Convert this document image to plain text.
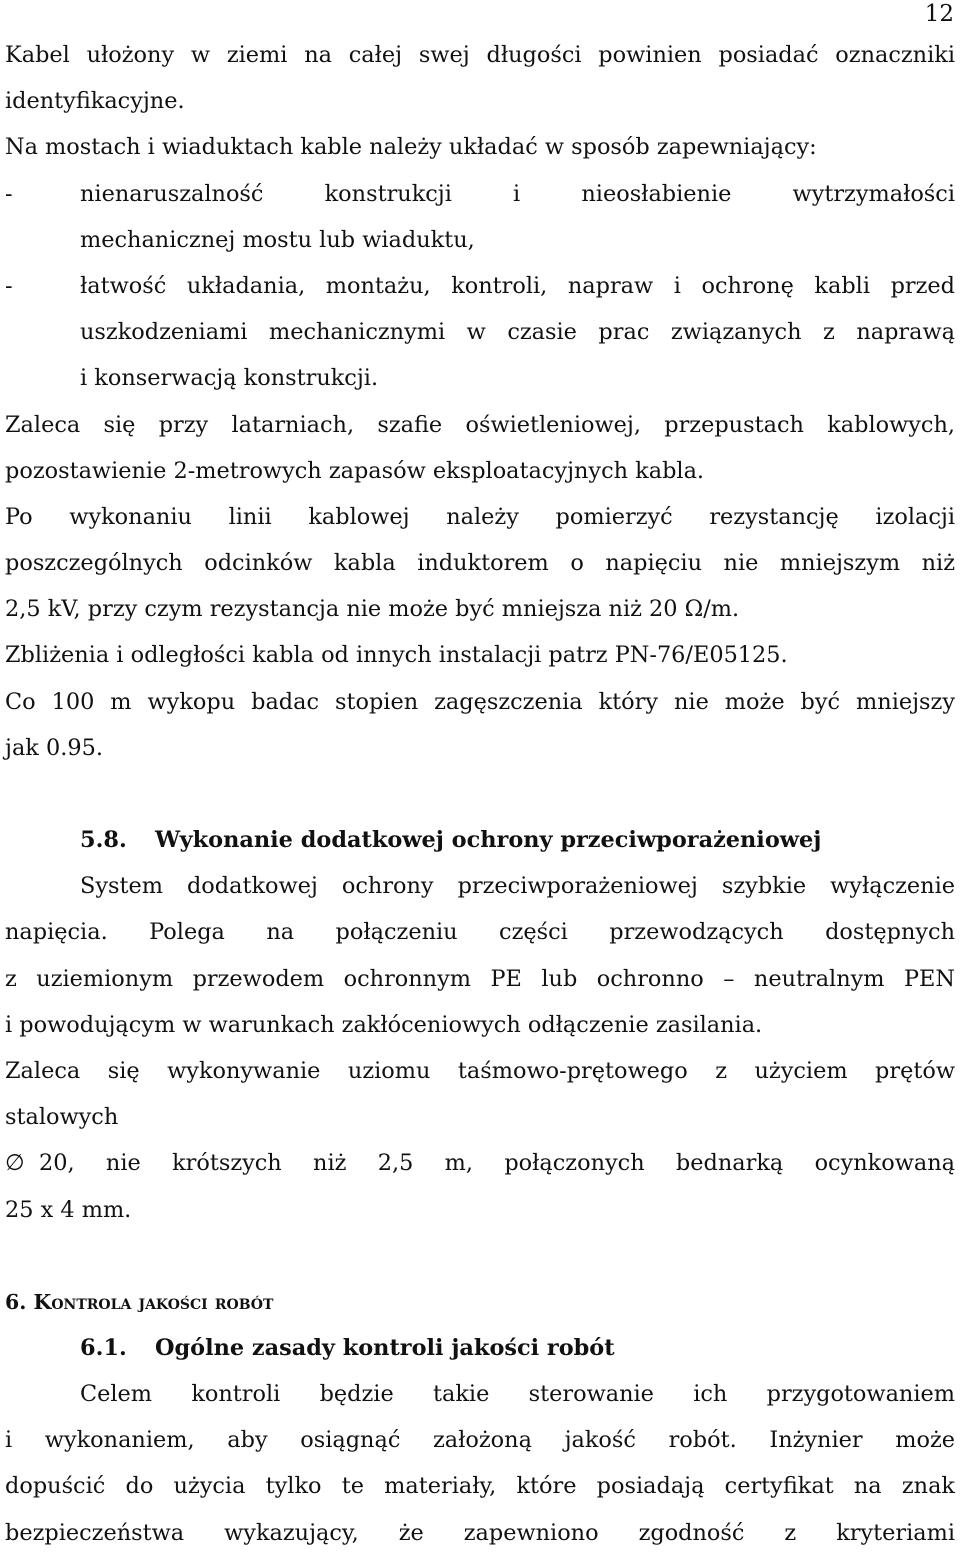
12
Kabel ułożony w ziemi na całej swej długości powinien posiadać oznaczniki
identyfikacyjne.
Na mostach i wiaduktach kable należy układać w sposób zapewniający:
-	nienaruszalność konstrukcji i nieosłabienie wytrzymałości
mechanicznej mostu lub wiaduktu,
-	łatwość układania, montażu, kontroli, napraw i ochronę kabli przed
uszkodzeniami mechanicznymi w czasie prac związanych z naprawą
i konserwacją konstrukcji.
Zaleca się przy latarniach, szafie oświetleniowej, przepustach kablowych,
pozostawienie 2-metrowych zapasów eksploatacyjnych kabla.
Po wykonaniu linii kablowej należy pomierzyć rezystancję izolacji
poszczególnych odcinków kabla induktorem o napięciu nie mniejszym niż
2,5 kV, przy czym rezystancja nie może być mniejsza niż 20 Ω/m.
Zbliżenia i odległości kabla od innych instalacji patrz PN-76/E05125.
Co 100 m wykopu badac stopien zagęszczenia który nie może być mniejszy
jak 0.95.
5.8. Wykonanie dodatkowej ochrony przeciwporażeniowej
System dodatkowej ochrony przeciwporażeniowej szybkie wyłączenie
napięcia. Polega na połączeniu części przewodzących dostępnych
z uziemionym przewodem ochronnym PE lub ochronno – neutralnym PEN
i powodującym w warunkach zakłóceniowych odłączenie zasilania.
Zaleca się wykonywanie uziomu taśmowo-prętowego z użyciem prętów
stalowych
∅ 20, nie krótszych niż 2,5 m, połączonych bednarką ocynkowaną
25 x 4 mm.
6. Kontrola jakości robót
6.1. Ogólne zasady kontroli jakości robót
Celem kontroli będzie takie sterowanie ich przygotowaniem
i wykonaniem, aby osiągnąć założoną jakość robót. Inżynier może
dopuścić do użycia tylko te materiały, które posiadają certyfikat na znak
bezpieczeństwa wykazujący, że zapewniono zgodność z kryteriami
